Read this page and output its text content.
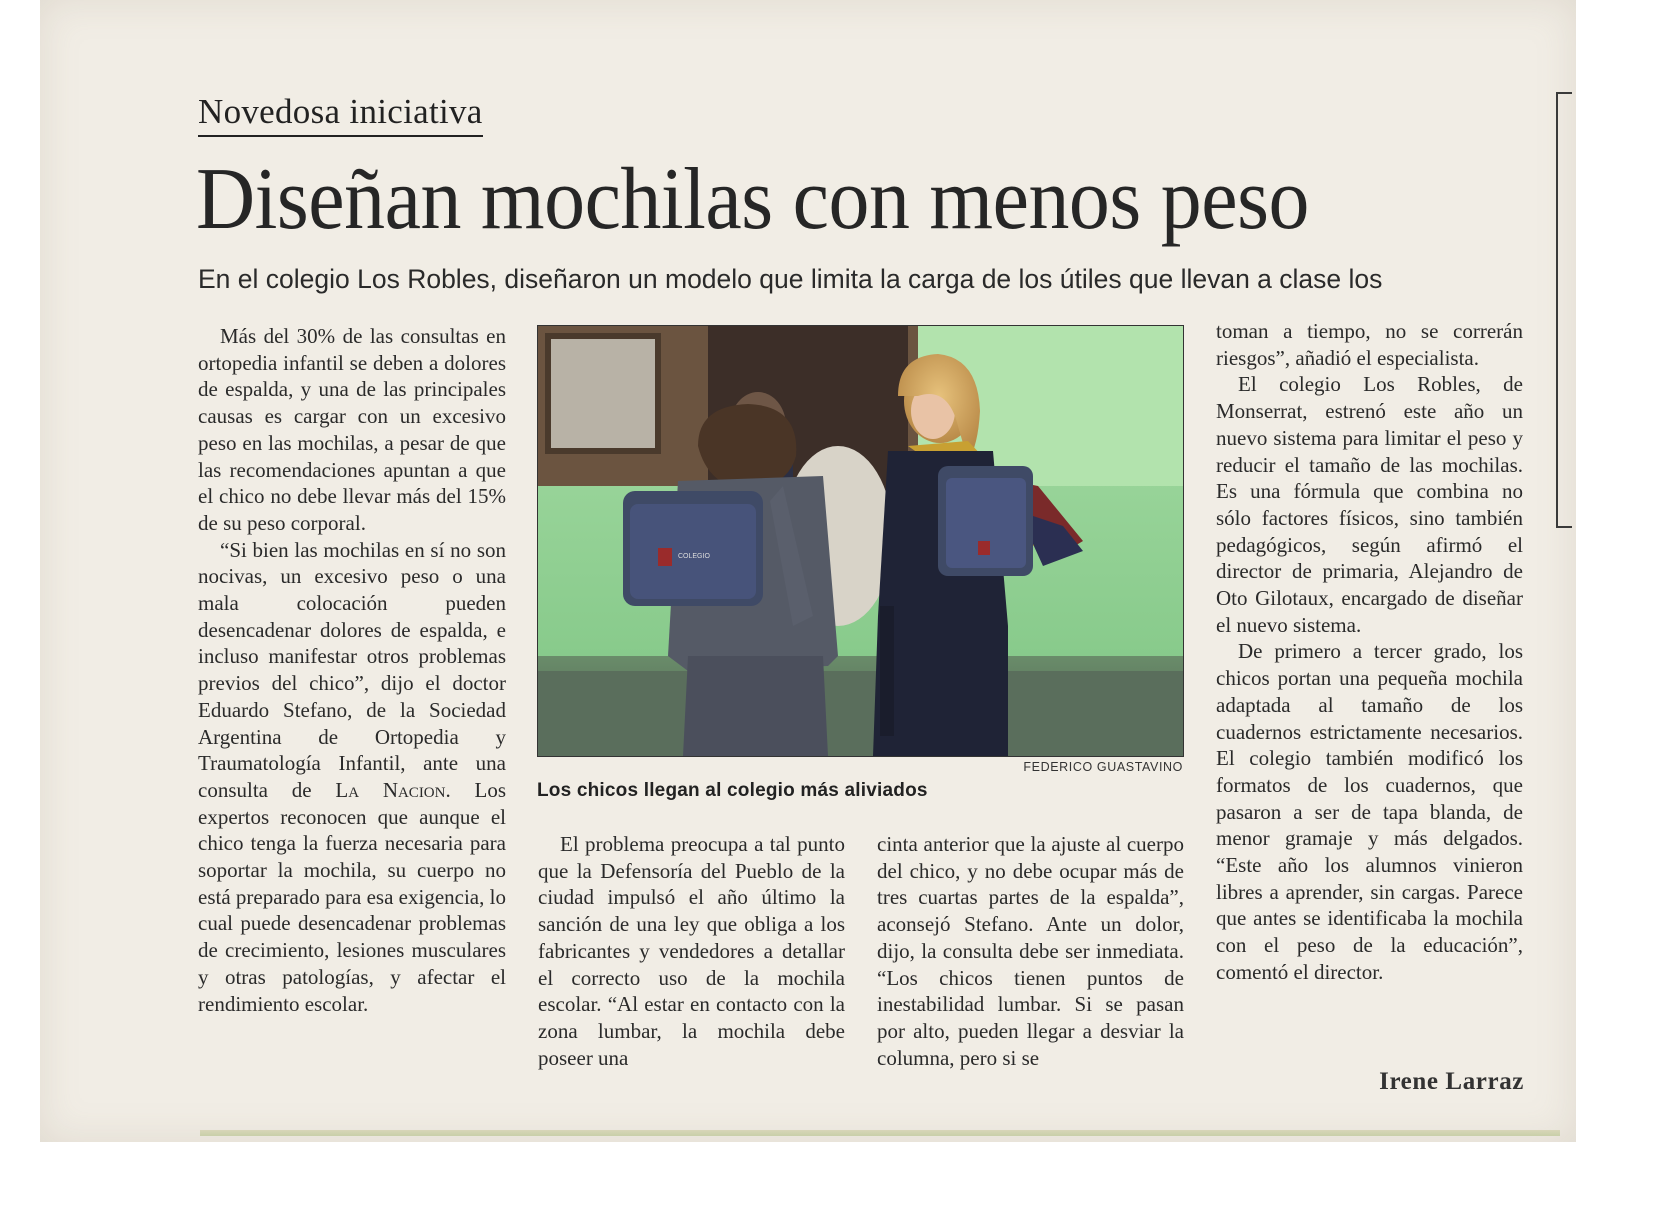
Novedosa iniciativa
Diseñan mochilas con menos peso
En el colegio Los Robles, diseñaron un modelo que limita la carga de los útiles que llevan a clase los

Más del 30% de las consultas en ortopedia infantil se deben a dolores de espalda, y una de las principales causas es cargar con un excesivo peso en las mochilas, a pesar de que las recomendaciones apuntan a que el chico no debe llevar más del 15% de su peso corporal.

“Si bien las mochilas en sí no son nocivas, un excesivo peso o una mala colocación pueden desencadenar dolores de espalda, e incluso manifestar otros problemas previos del chico”, dijo el doctor Eduardo Stefano, de la Sociedad Argentina de Ortopedia y Traumatología Infantil, ante una consulta de La Nacion. Los expertos reconocen que aunque el chico tenga la fuerza necesaria para soportar la mochila, su cuerpo no está preparado para esa exigencia, lo cual puede desencadenar problemas de crecimiento, lesiones musculares y otras patologías, y afectar el rendimiento escolar.

COLEGIO
FEDERICO GUASTAVINO
Los chicos llegan al colegio más aliviados

El problema preocupa a tal punto que la Defensoría del Pueblo de la ciudad impulsó el año último la sanción de una ley que obliga a los fabricantes y vendedores a detallar el correcto uso de la mochila escolar. “Al estar en contacto con la zona lumbar, la mochila debe poseer una

cinta anterior que la ajuste al cuerpo del chico, y no debe ocupar más de tres cuartas partes de la espalda”, aconsejó Stefano. Ante un dolor, dijo, la consulta debe ser inmediata. “Los chicos tienen puntos de inestabilidad lumbar. Si se pasan por alto, pueden llegar a desviar la columna, pero si se

toman a tiempo, no se correrán riesgos”, añadió el especialista.

El colegio Los Robles, de Monserrat, estrenó este año un nuevo sistema para limitar el peso y reducir el tamaño de las mochilas. Es una fórmula que combina no sólo factores físicos, sino también pedagógicos, según afirmó el director de primaria, Alejandro de Oto Gilotaux, encargado de diseñar el nuevo sistema.

De primero a tercer grado, los chicos portan una pequeña mochila adaptada al tamaño de los cuadernos estrictamente necesarios. El colegio también modificó los formatos de los cuadernos, que pasaron a ser de tapa blanda, de menor gramaje y más delgados. “Este año los alumnos vinieron libres a aprender, sin cargas. Parece que antes se identificaba la mochila con el peso de la educación”, comentó el director.

Irene Larraz
